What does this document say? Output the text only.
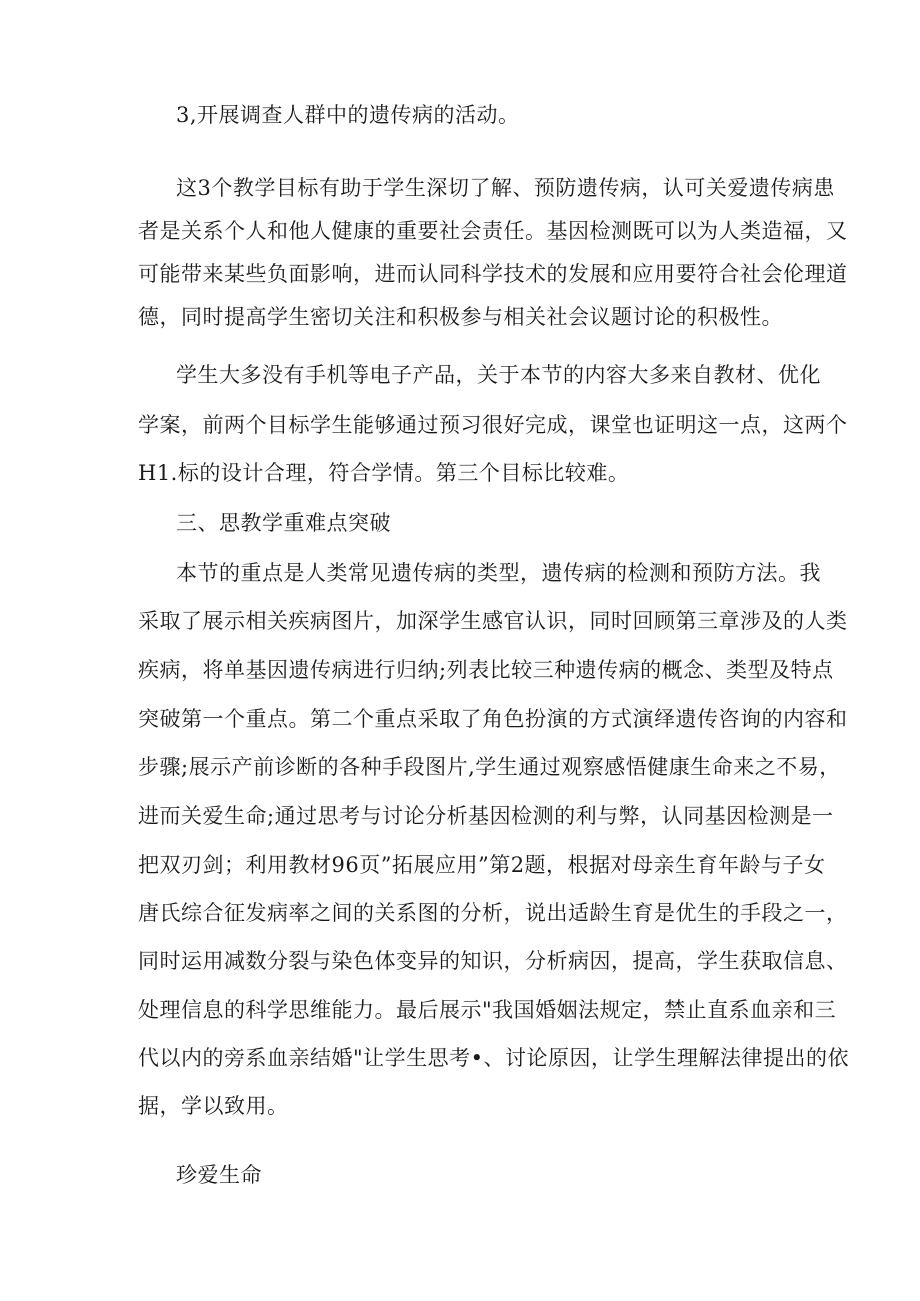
3,开展调查人群中的遗传病的活动。
这3个教学目标有助于学生深切了解、预防遗传病，认可关爱遗传病患
者是关系个人和他人健康的重要社会责任。基因检测既可以为人类造福，又
可能带来某些负面影响，进而认同科学技术的发展和应用要符合社会伦理道
德，同时提高学生密切关注和积极参与相关社会议题讨论的积极性。
学生大多没有手机等电子产品，关于本节的内容大多来自教材、优化
学案，前两个目标学生能够通过预习很好完成，课堂也证明这一点，这两个
H1.标的设计合理，符合学情。第三个目标比较难。
三、思教学重难点突破
本节的重点是人类常见遗传病的类型，遗传病的检测和预防方法。我
采取了展示相关疾病图片，加深学生感官认识，同时回顾第三章涉及的人类
疾病，将单基因遗传病进行归纳;列表比较三种遗传病的概念、类型及特点
突破第一个重点。第二个重点采取了角色扮演的方式演绎遗传咨询的内容和
步骤;展示产前诊断的各种手段图片,学生通过观察感悟健康生命来之不易，
进而关爱生命;通过思考与讨论分析基因检测的利与弊，认同基因检测是一
把双刃剑；利用教材96页”拓展应用”第2题，根据对母亲生育年龄与子女
唐氏综合征发病率之间的关系图的分析，说出适龄生育是优生的手段之一，
同时运用减数分裂与染色体变异的知识，分析病因，提高，学生获取信息、
处理信息的科学思维能力。最后展示"我国婚姻法规定，禁止直系血亲和三
代以内的旁系血亲结婚"让学生思考•、讨论原因，让学生理解法律提出的依
据，学以致用。
珍爱生命
